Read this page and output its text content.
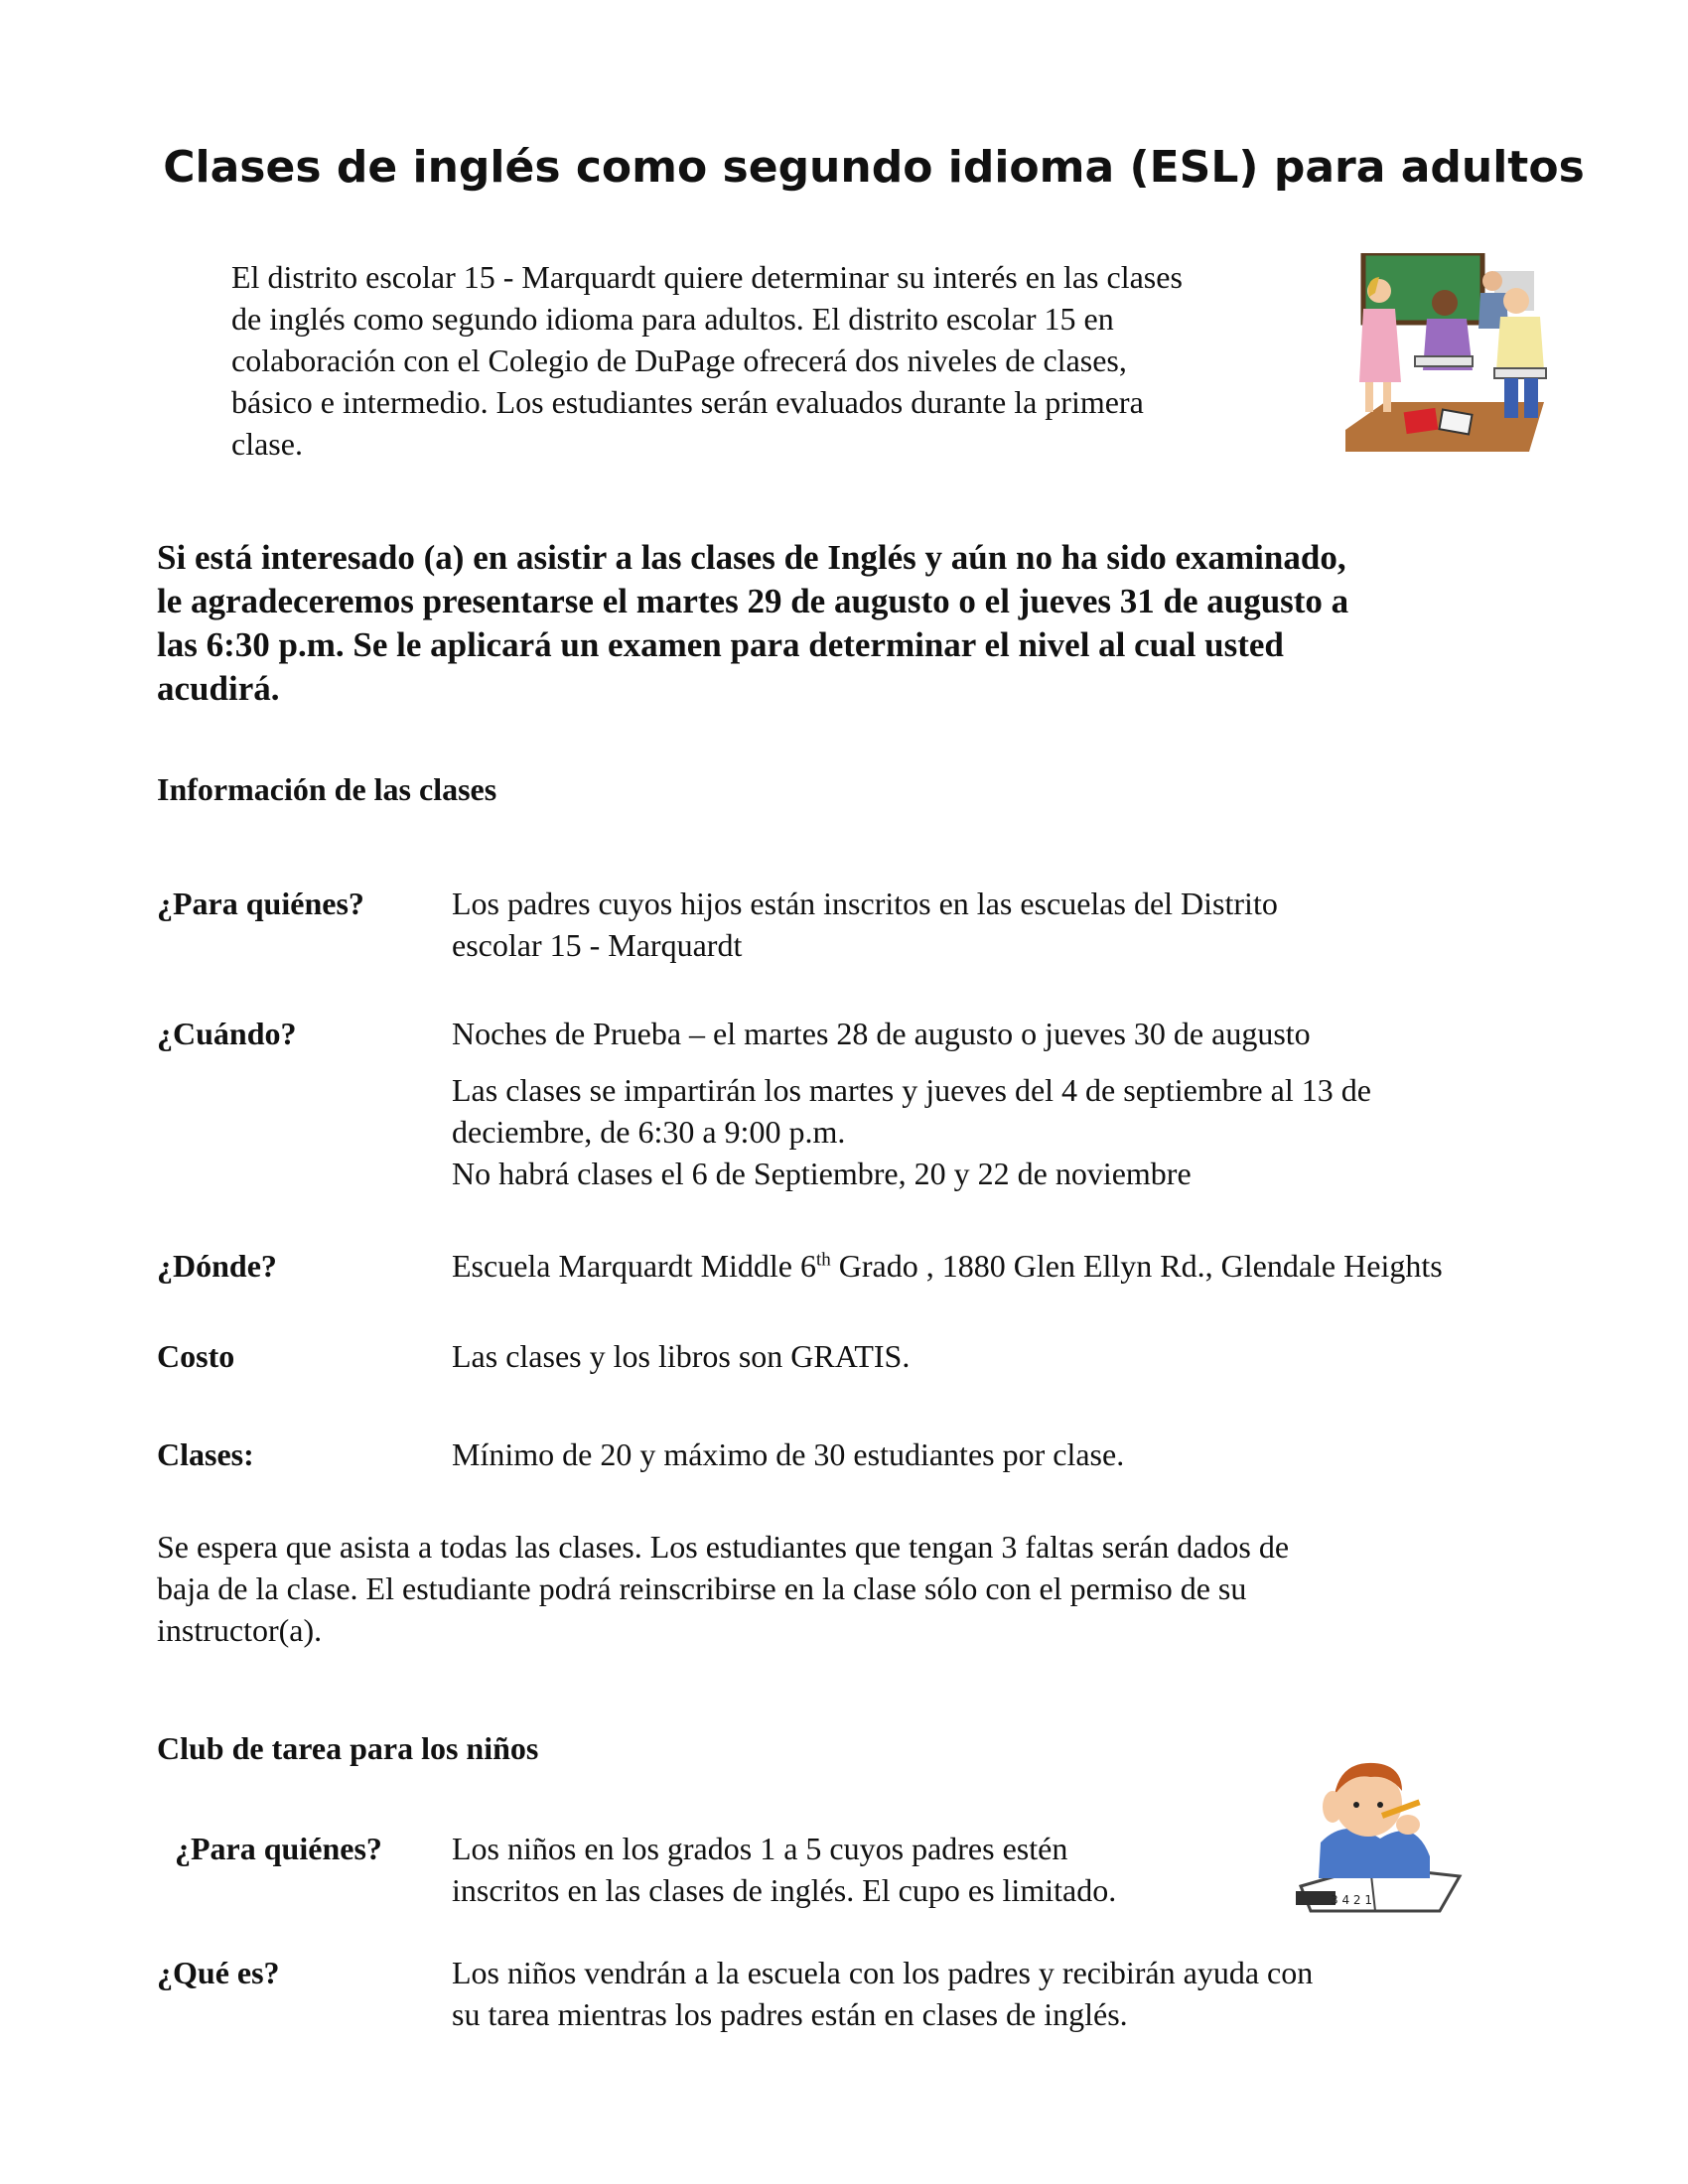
Clases de inglés como segundo idioma (ESL) para adultos
El distrito escolar 15 - Marquardt quiere determinar su interés en las clases
de inglés como segundo idioma para adultos. El distrito escolar 15 en
colaboración con el Colegio de DuPage ofrecerá dos niveles de clases,
básico e intermedio. Los estudiantes serán evaluados durante la primera
clase.
Si está interesado (a) en asistir a las clases de Inglés y aún no ha sido examinado,
le agradeceremos presentarse el martes 29 de augusto o el jueves 31 de augusto a
las 6:30 p.m. Se le aplicará un examen para determinar el nivel al cual usted
acudirá.
Información de las clases
¿Para quiénes?	Los padres cuyos hijos están inscritos en las escuelas del Distrito
escolar 15 - Marquardt
¿Cuándo?	Noches de Prueba – el martes 28 de augusto o jueves 30 de augusto
Las clases se impartirán los martes y jueves del 4 de septiembre al 13 de
deciembre, de 6:30 a 9:00 p.m.
No habrá clases el 6 de Septiembre, 20 y 22 de noviembre
¿Dónde?	Escuela Marquardt Middle 6th Grado , 1880 Glen Ellyn Rd., Glendale Heights
Costo	Las clases y los libros son GRATIS.
Clases:	Mínimo de 20 y máximo de 30 estudiantes por clase.
Se espera que asista a todas las clases. Los estudiantes que tengan 3 faltas serán dados de
baja de la clase. El estudiante podrá reinscribirse en la clase sólo con el permiso de su
instructor(a).
Club de tarea para los niños
¿Para quiénes? Los niños en los grados 1 a 5 cuyos padres estén
inscritos en las clases de inglés. El cupo es limitado.	3 4 2 1
¿Qué es?	Los niños vendrán a la escuela con los padres y recibirán ayuda con
su tarea mientras los padres están en clases de inglés.
